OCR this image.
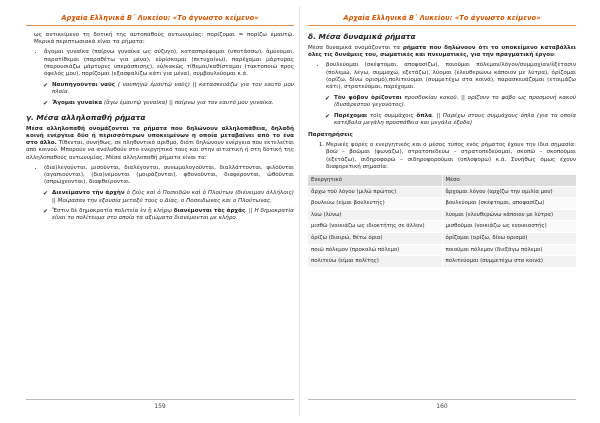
Αρχαία Ελληνικά Β΄ Λυκείου: «Το άγνωστο κείμενο»

ως αντικείμενο τη δοτική της αυτοπαθούς αντωνυμίας: πορίζομαι = πορίζω έμαυτῷ. Μερικά περιπτωσιακά είναι τα ρήματα:

• ἄγομαι γυναῖκα (παίρνω γυναίκα ως σύζυγο), κατασπρέφομαι (υποτάσσω), ἀμύνομαι, παρατίθεμαι (παραθέτω για μένα), εὑρίσκομαι (πετυχαίνω), παρέχομαι μάρτυρας (παρουσιάζω μάρτυρες υπεράσπισης), εὐ/κακῶς τίθεμαι/καθίσταμαι (τακτοποιώ προς όφελός μου), πορίζομαι (εξασφαλίζω κάτι για μένα), συμβουλεύομαι κ.ά.
✔ Ναυπηγοῦνται ναῦς ( ναυπηγῶ ἐμαυτῷ ναῦς) || κατασκευάζω για τον εαυτό μου πλοία.
✔ Ἄγομαι γυναῖκα (ἄγω ἐμαυτῷ γυναῖκα) || παίρνω για τον εαυτό μου γυναίκα.
γ. Μέσα αλληλοπαθή ρήματα

Μέσα αλληλοπαθή ονομάζονται τα ρήματα που δηλώνουν αλληλοπάθεια, δηλαδή κοινή ενέργεια δύο ή περισσότερων υποκειμένων η οποία μεταβαίνει από το ένα στο άλλο. Τίθενται, συνήθως, σε πληθυντικό αριθμό, διότι δηλώνουν ενέργεια που εκτελείται από κοινού. Μπορούν να αναλυθούν στο ενεργητικό τους και στην αιτιατική ή στη δοτική της αλληλοπαθούς αντωνυμίας. Μέσα αλληλοπαθή ρήματα είναι τα:

• (δια)λεγούνται, μισοῦνται, διαλέγονται, συνωμολογοῦνται, διαλλάττονται, φιλοῦνται (αγαπιούνται), (δια)νέμονται (μοιράζονται), φθονοῦνται, διαφέρονται, ὠθοῦνται (σπρώχνονται), διαφθείρονται.
✔ Διενείμαντο τὴν ἀρχὴν ὁ ζεὺς καὶ ὁ Ποσειδῶν καὶ ὁ Πλούτων (διένειμαν ἀλλήλοις) || Μοίρασαν την εξουσία μεταξύ τους ο Δίας, ο Ποσειδώνας και ο Πλούτωνας.
✔ Ἔστιν δὲ δημοκρατία πολιτεία ἐν ᾗ κλήρῳ διανέμονται τὰς ἀρχάς. || Η δημοκρατία είναι το πολίτευμα στο οποίο τα αξιώματα διανέμονται με κλήρο.
159
Αρχαία Ελληνικά Β΄ Λυκείου: «Το άγνωστο κείμενο»
δ. Μέσα δυναμικά ρήματα

Μέσα δυναμικά ονομάζονται τα ρήματα που δηλώνουν ότι το υποκείμενο καταβάλλει όλες τις δυνάμεις του, σωματικές και πνευματικές, για την πραγματική έργου:

• βουλεύομαι (σκέφτομαι, αποφασίζω), ποιοῦμαι πόλεμον/λόγον/συμμαχίαν/ἐξέτασιν (πολεμώ, λέγω, συμμαχώ, εξετάζω), λύομαι (ελευθερώνω κάποιον με λύτρα), ὁρίζομαι (ορίζω, δίνω ορισμό),πολιτεύομαι (συμμετέχω στα κοινά), παρασκευάζομαι (ετοιμάζω κάτι), στρατεύομαι, παρέχομαι.
✔ Τὸν φόβον ὁρίζονται προσδοκίαν κακοῦ. || ορίζουν το φόβο ως προσμονή κακού (δυσάρεστου γεγονότος).
✔ Παρέχομαι τοῖς συμμάχοις ὅπλα. || Παρέχω στους συμμάχους όπλα (για τα οποία κατέβαλα μεγάλη προσπάθεια και μεγάλα έξοδα)
Παρατηρήσεις
1. Μερικές φορές ο ενεργητικός και ο μέσος τύπος ενός ρήματος έχουν την ίδια σημασία: βοῶ – βοῶμαι (φωνάζω), στρατοπεδεύω – στρατοπεδεύομαι, σκοπῶ – σκοποῦμαι (εξετάζω), σιδηροφορῶ – σιδηροφοροῦμαι (οπλοφορώ) κ.ά. Συνήθως όμως έχουν διαφορετική σημασία:
Ενεργητικό	Μέσο
ἄρχω τοῦ λόγου (μιλώ πρώτος)	ἄρχομαι λόγου (αρχίζω την ομιλία μου)
βουλεύω (είμαι βουλευτής)	βουλεύομαι (σκέφτομαι, αποφασίζω)
λύω (λύνω)	λύομαι (ελευθερώνω κάποιον με λύτρα)
μισθῶ (νοικιάζω ως ιδιοκτήτης σε άλλον)	μισθοῦμαι (νοικιάζω ως ενοικιαστής)
ὁρίζω (διαιρώ, θέτω όρια)	ὁρίζομαι (ορίζω, δίνω ορισμό)
ποιῶ πόλεμον (προκαλώ πόλεμο)	ποιοῦμαι πόλεμον (διεξάγω πόλεμο)
πολιτεύω (είμαι πολίτης)	πολιτεύομαι (συμμετέχω στα κοινά)
160
